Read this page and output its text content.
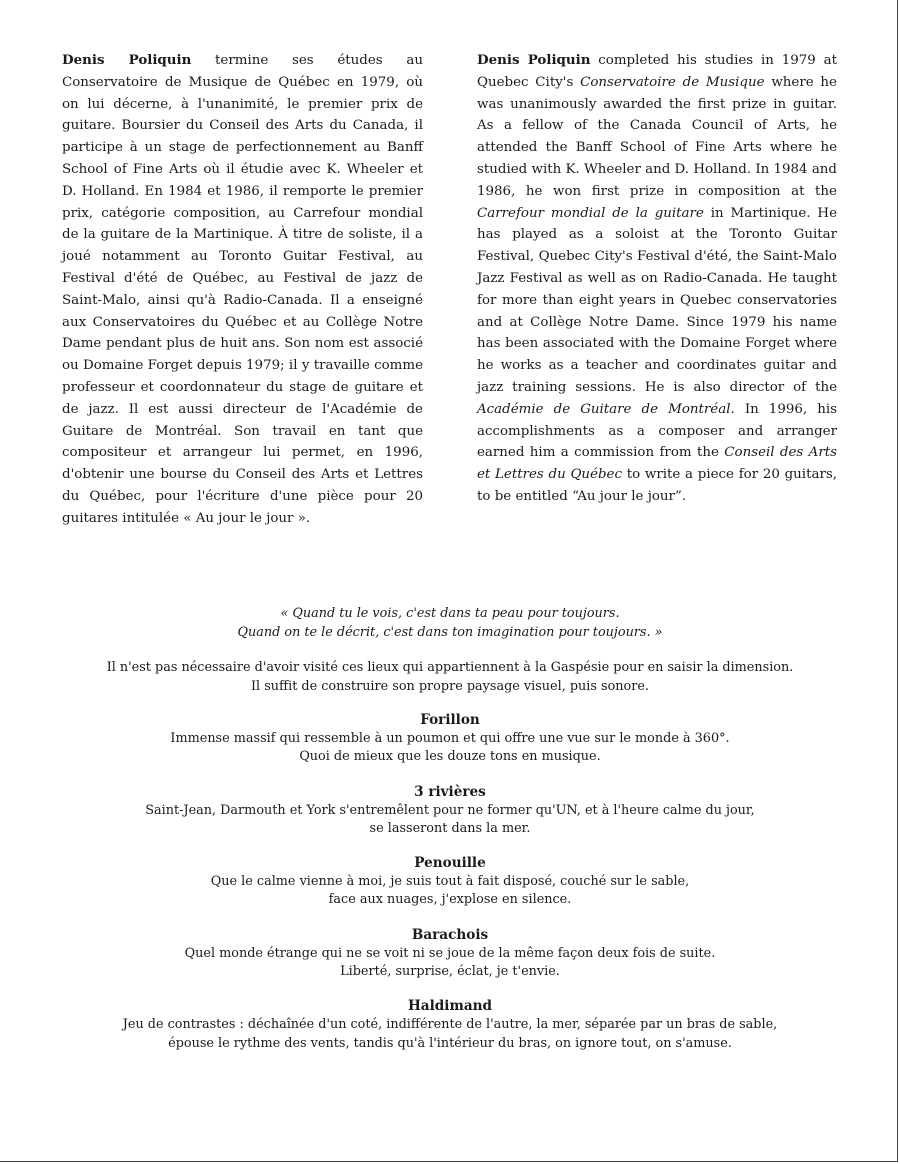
Denis Poliquin termine ses études au Conservatoire de Musique de Québec en 1979, où on lui décerne, à l'unanimité, le premier prix de guitare. Boursier du Conseil des Arts du Canada, il participe à un stage de perfectionnement au Banff School of Fine Arts où il étudie avec K. Wheeler et D. Holland. En 1984 et 1986, il remporte le premier prix, catégorie composition, au Carrefour mondial de la guitare de la Martinique. À titre de soliste, il a joué notamment au Toronto Guitar Festival, au Festival d'été de Québec, au Festival de jazz de Saint-Malo, ainsi qu'à Radio-Canada. Il a enseigné aux Conservatoires du Québec et au Collège Notre Dame pendant plus de huit ans. Son nom est associé ou Domaine Forget depuis 1979; il y travaille comme professeur et coordonnateur du stage de guitare et de jazz. Il est aussi directeur de l'Académie de Guitare de Montréal. Son travail en tant que compositeur et arrangeur lui permet, en 1996, d'obtenir une bourse du Conseil des Arts et Lettres du Québec, pour l'écriture d'une pièce pour 20 guitares intitulée « Au jour le jour ».
Denis Poliquin completed his studies in 1979 at Quebec City's Conservatoire de Musique where he was unanimously awarded the first prize in guitar. As a fellow of the Canada Council of Arts, he attended the Banff School of Fine Arts where he studied with K. Wheeler and D. Holland. In 1984 and 1986, he won first prize in composition at the Carrefour mondial de la guitare in Martinique. He has played as a soloist at the Toronto Guitar Festival, Quebec City's Festival d'été, the Saint-Malo Jazz Festival as well as on Radio-Canada. He taught for more than eight years in Quebec conservatories and at Collège Notre Dame. Since 1979 his name has been associated with the Domaine Forget where he works as a teacher and coordinates guitar and jazz training sessions. He is also director of the Académie de Guitare de Montréal. In 1996, his accomplishments as a composer and arranger earned him a commission from the Conseil des Arts et Lettres du Québec to write a piece for 20 guitars, to be entitled “Au jour le jour”.
« Quand tu le vois, c'est dans ta peau pour toujours.
Quand on te le décrit, c'est dans ton imagination pour toujours. »
Il n'est pas nécessaire d'avoir visité ces lieux qui appartiennent à la Gaspésie pour en saisir la dimension.
Il suffit de construire son propre paysage visuel, puis sonore.
Forillon
Immense massif qui ressemble à un poumon et qui offre une vue sur le monde à 360°.
Quoi de mieux que les douze tons en musique.
3 rivières
Saint-Jean, Darmouth et York s'entremêlent pour ne former qu'UN, et à l'heure calme du jour,
se lasseront dans la mer.
Penouille
Que le calme vienne à moi, je suis tout à fait disposé, couché sur le sable,
face aux nuages, j'explose en silence.
Barachois
Quel monde étrange qui ne se voit ni se joue de la même façon deux fois de suite.
Liberté, surprise, éclat, je t'envie.
Haldimand
Jeu de contrastes : déchaînée d'un coté, indifférente de l'autre, la mer, séparée par un bras de sable,
épouse le rythme des vents, tandis qu'à l'intérieur du bras, on ignore tout, on s'amuse.
